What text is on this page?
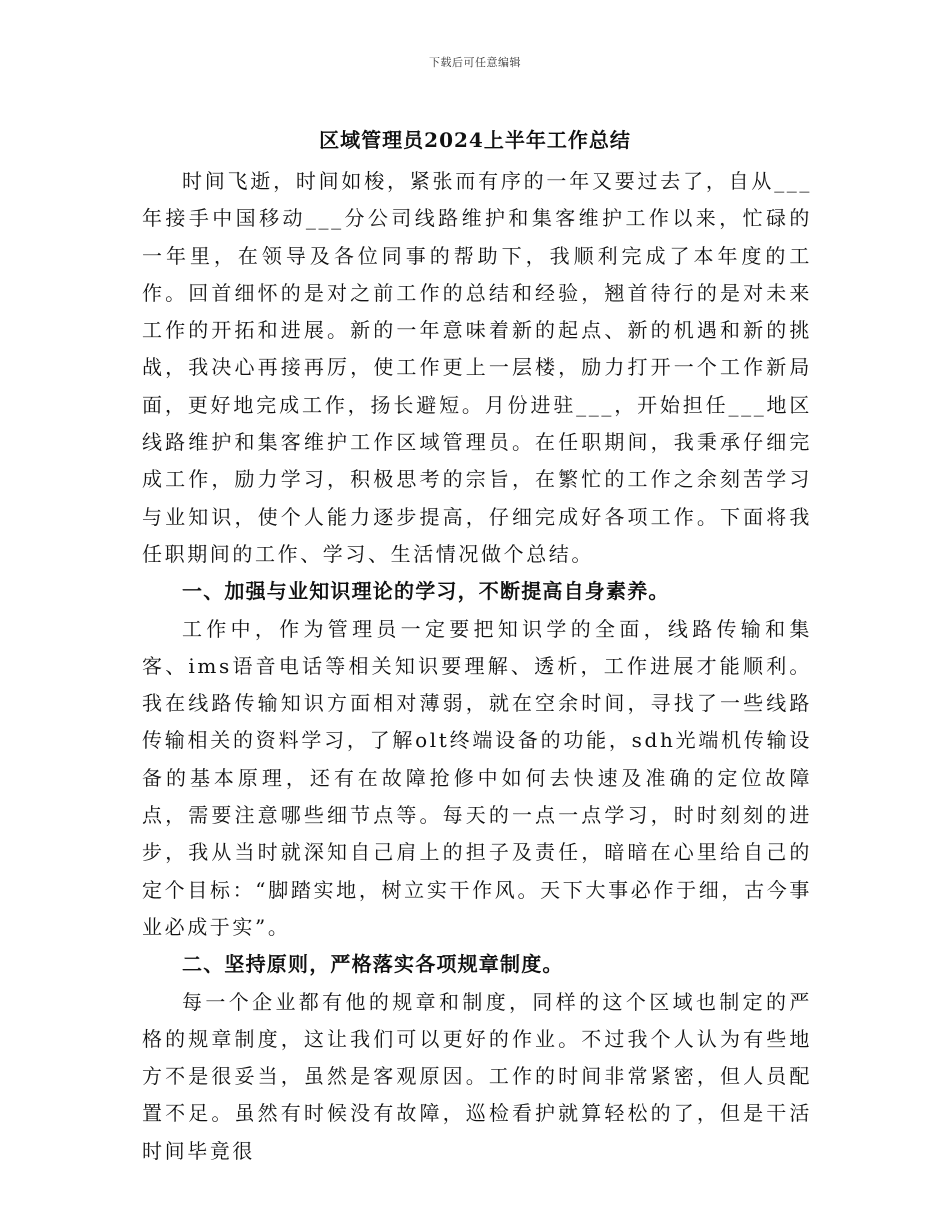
下载后可任意编辑
区域管理员2024上半年工作总结

时间飞逝，时间如梭，紧张而有序的一年又要过去了，自从___年接手中国移动___分公司线路维护和集客维护工作以来，忙碌的一年里，在领导及各位同事的帮助下，我顺利完成了本年度的工作。回首细怀的是对之前工作的总结和经验，翘首待行的是对未来工作的开拓和进展。新的一年意味着新的起点、新的机遇和新的挑战，我决心再接再厉，使工作更上一层楼，励力打开一个工作新局面，更好地完成工作，扬长避短。月份进驻___，开始担任___地区线路维护和集客维护工作区域管理员。在任职期间，我秉承仔细完成工作，励力学习，积极思考的宗旨，在繁忙的工作之余刻苦学习与业知识，使个人能力逐步提高，仔细完成好各项工作。下面将我任职期间的工作、学习、生活情况做个总结。

一、加强与业知识理论的学习，不断提高自身素养。

工作中，作为管理员一定要把知识学的全面，线路传输和集客、ims语音电话等相关知识要理解、透析，工作进展才能顺利。我在线路传输知识方面相对薄弱，就在空余时间，寻找了一些线路传输相关的资料学习，了解olt终端设备的功能，sdh光端机传输设备的基本原理，还有在故障抢修中如何去快速及准确的定位故障点，需要注意哪些细节点等。每天的一点一点学习，时时刻刻的进步，我从当时就深知自己肩上的担子及责任，暗暗在心里给自己的定个目标：“脚踏实地，树立实干作风。天下大事必作于细，古今事业必成于实”。

二、坚持原则，严格落实各项规章制度。

每一个企业都有他的规章和制度，同样的这个区域也制定的严格的规章制度，这让我们可以更好的作业。不过我个人认为有些地方不是很妥当，虽然是客观原因。工作的时间非常紧密，但人员配置不足。虽然有时候没有故障，巡检看护就算轻松的了，但是干活时间毕竟很
